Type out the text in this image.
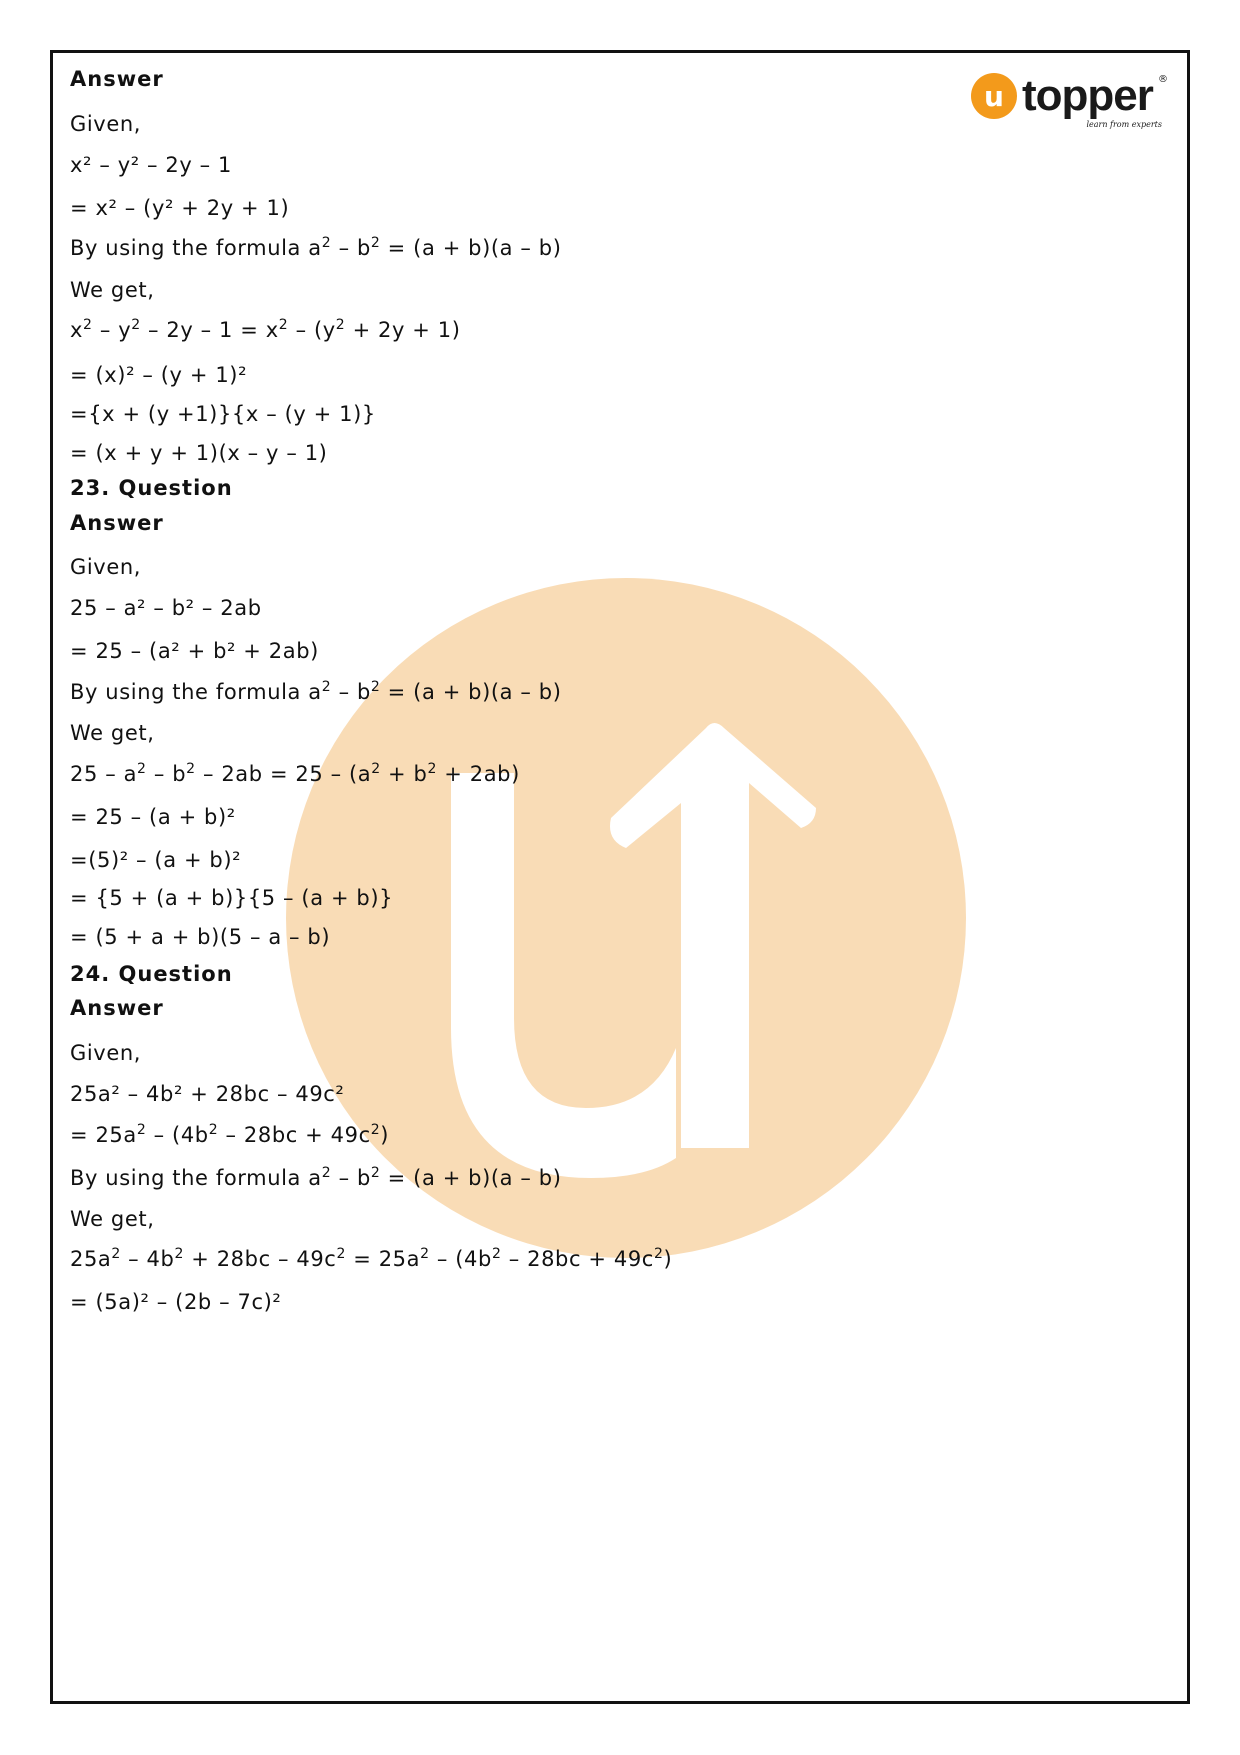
u topper ®
learn from experts
Answer
Given,
x² – y² – 2y – 1
= x² – (y² + 2y + 1)
By using the formula $a^2 - b^2 = (a + b)(a - b)$
We get,
$x^2 - y^2 - 2y - 1 = x^2 - (y^2 + 2y + 1)$
= (x)² – (y + 1)²
={x + (y +1)}{x – (y + 1)}
= (x + y + 1)(x – y – 1)
23. Question
Answer
Given,
25 – a² – b² – 2ab
= 25 – (a² + b² + 2ab)
By using the formula $a^2 - b^2 = (a + b)(a - b)$
We get,
$25 - a^2 - b^2 - 2ab = 25 - (a^2 + b^2 + 2ab)$
= 25 – (a + b)²
=(5)² – (a + b)²
= {5 + (a + b)}{5 – (a + b)}
= (5 + a + b)(5 – a – b)
24. Question
Answer
Given,
25a² – 4b² + 28bc – 49c²
= $25a^2 - (4b^2 - 28bc + 49c^2)$
By using the formula $a^2 - b^2 = (a + b)(a - b)$
We get,
$25a^2 - 4b^2 + 28bc - 49c^2 = 25a^2 - (4b^2 - 28bc + 49c^2)$
= (5a)² – (2b – 7c)²
